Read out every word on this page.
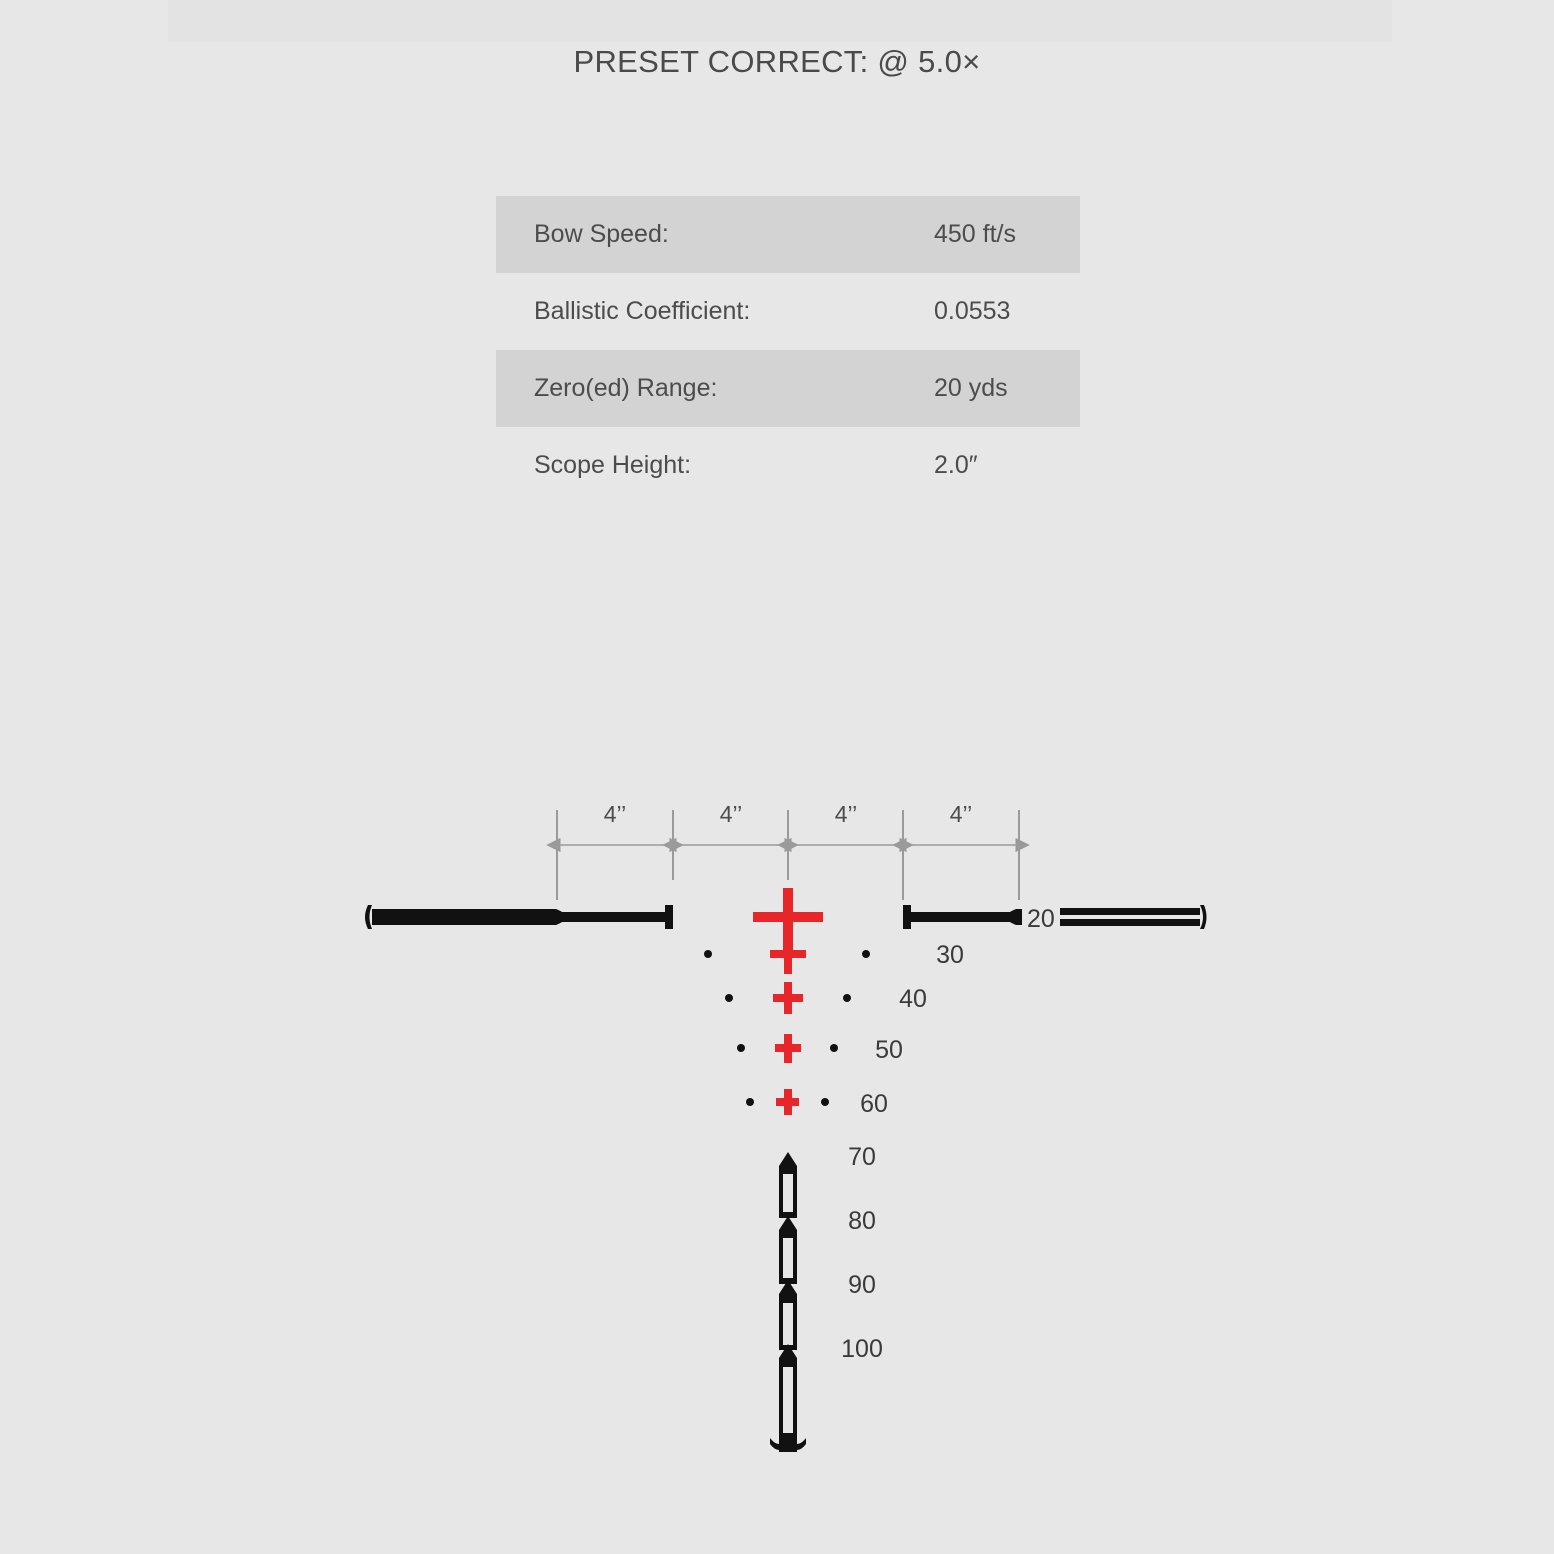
PRESET CORRECT: @ 5.0×
Bow Speed:	450 ft/s
Ballistic Coefficient:	0.0553
Zero(ed) Range:	20 yds
Scope Height:	2.0″
4’’	4’’	4’’	4’’
30
40
50
60
70
80
90
100
20
